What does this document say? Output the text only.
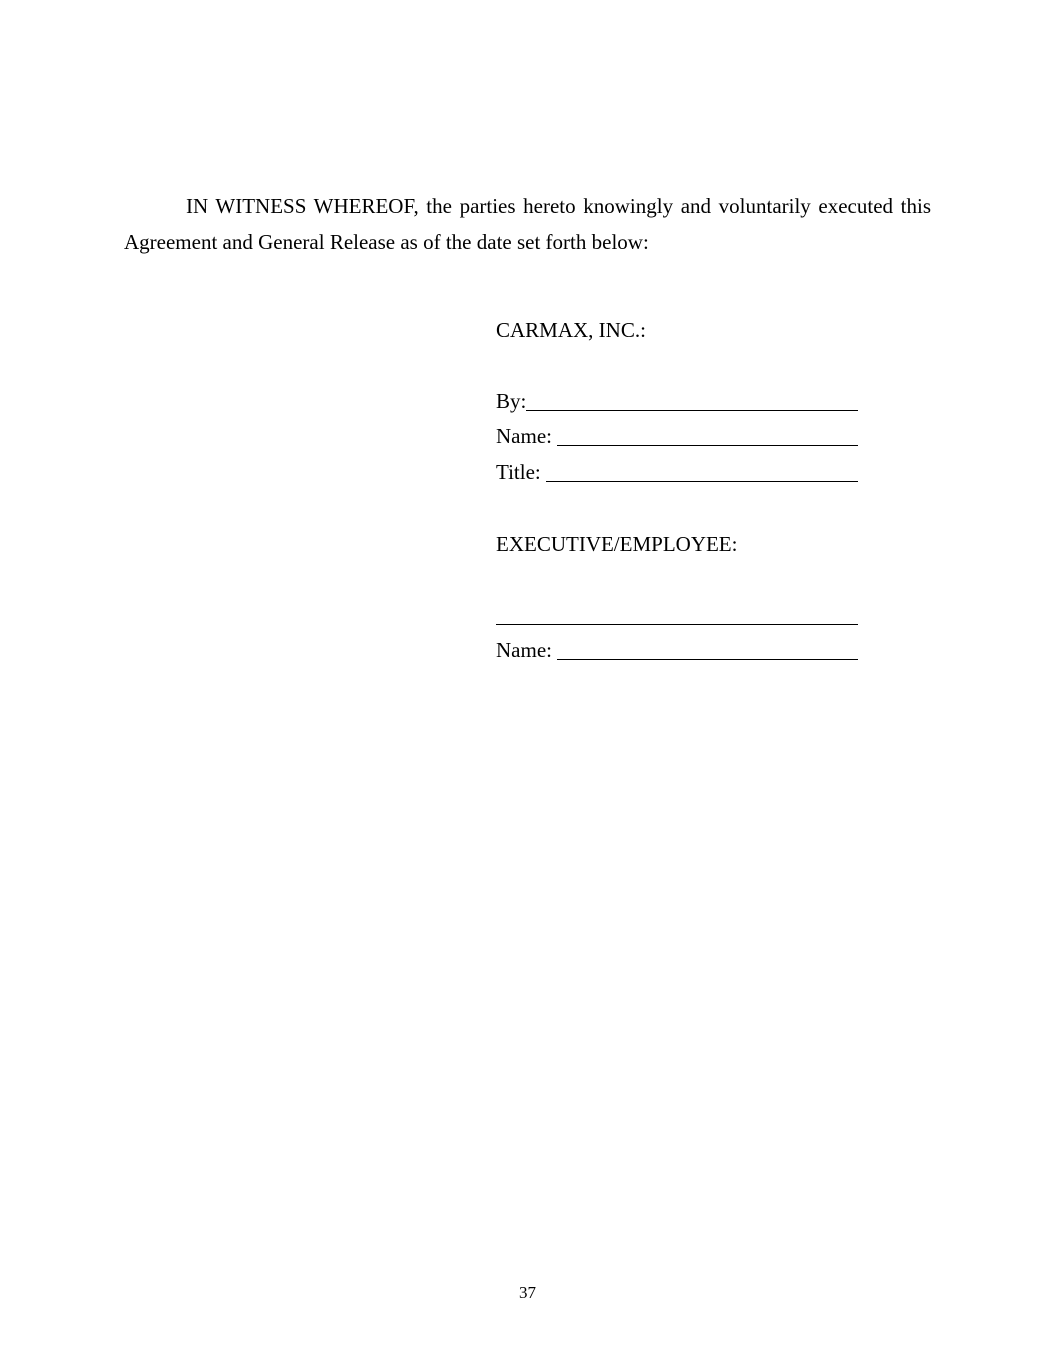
IN WITNESS WHEREOF, the parties hereto knowingly and voluntarily executed this Agreement and General Release as of the date set forth below:

CARMAX, INC.:
By:
Name:
Title:
EXECUTIVE/EMPLOYEE:
Name:
37
